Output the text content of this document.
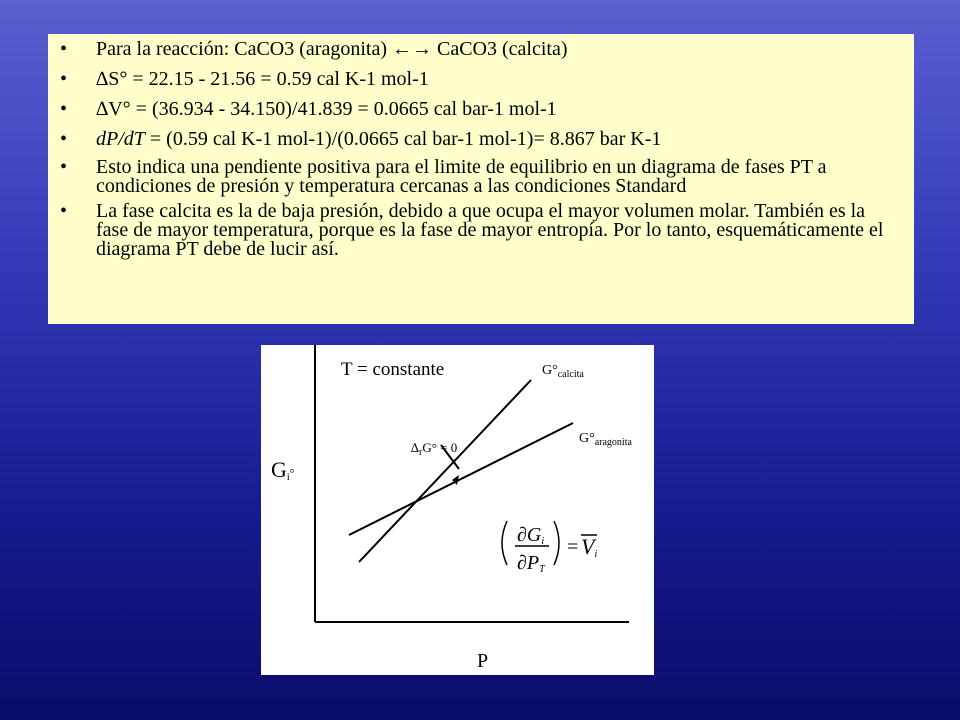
• Para la reacción: CaCO3 (aragonita) ←→ CaCO3 (calcita)
• ∆S° = 22.15 - 21.56 = 0.59 cal K-1 mol-1
• ∆V° = (36.934 - 34.150)/41.839 = 0.0665 cal bar-1 mol-1
• dP/dT = (0.59 cal K-1 mol-1)/(0.0665 cal bar-1 mol-1)= 8.867 bar K-1
• Esto indica una pendiente positiva para el limite de equilibrio en un diagrama de fases PT a condiciones de presión y temperatura cercanas a las condiciones Standard
• La fase calcita es la de baja presión, debido a que ocupa el mayor volumen molar. También es la fase de mayor temperatura, porque es la fase de mayor entropía. Por lo tanto, esquemáticamente el diagrama PT debe de lucir así.
T = constante	$G^\circ_{calcita}$
$G^\circ_{aragonita}$
$\Delta_rG^\circ = 0$
$G_i^\circ$
P
$\partial G_i$
$\partial P_T$
= $V_i$
